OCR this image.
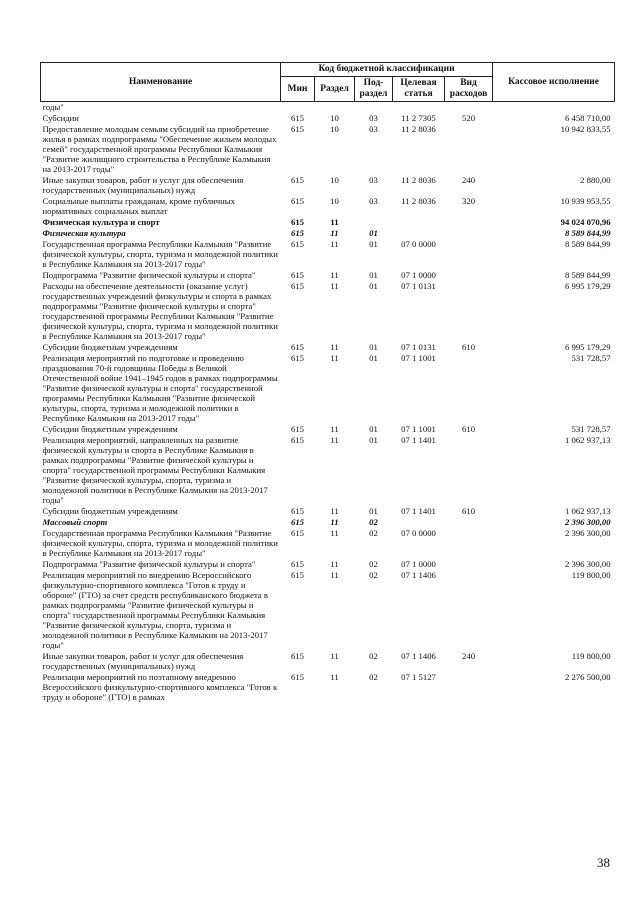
Наименование	Код бюджетной классификации					Кассовое исполнение
	Мин	Раздел	Под-раздел	Целевая статья	Вид расходов	
годы"						
Субсидии	615	10	03	11 2 7305	520	6 458 710,00
Предоставление молодым семьям субсидий на приобретение жилья в рамках подпрограммы "Обеспечение жильем молодых семей" государственной программы Республики Калмыкия "Развитие жилищного строительства в Республике Калмыкия на 2013-2017 годы"	615	10	03	11 2 8036		10 942 833,55
Иные закупки товаров, работ и услуг для обеспечения государственных (муниципальных) нужд	615	10	03	11 2 8036	240	2 880,00
Социальные выплаты гражданам, кроме публичных нормативных социальных выплат	615	10	03	11 2 8036	320	10 939 953,55
Физическая культура и спорт	615	11				94 024 070,96
Физическая культура	615	11	01			8 589 844,99
Государственная программа Республики Калмыкия "Развитие физической культуры, спорта, туризма и молодежной политики в Республике Калмыкия на 2013-2017 годы"	615	11	01	07 0 0000		8 589 844,99
Подпрограмма "Развитие физической культуры и спорта"	615	11	01	07 1 0000		8 589 844,99
Расходы на обеспечение деятельности (оказание услуг) государственных учреждений физкультуры и спорта в рамках подпрограммы "Развитие физической культуры и спорта" государственной программы Республики Калмыкия "Развитие физической культуры, спорта, туризма и молодежной политики в Республике Калмыкия на 2013-2017 годы"	615	11	01	07 1 0131		6 995 179,29
Субсидии бюджетным учреждениям	615	11	01	07 1 0131	610	6 995 179,29
Реализация мероприятий по подготовке и проведению празднования 70-й годовщины Победы в Великой Отечественной войне 1941–1945 годов в рамках подпрограммы "Развитие физической культуры и спорта" государственной программы Республики Калмыкия "Развитие физической культуры, спорта, туризма и молодежной политики в Республике Калмыкия на 2013-2017 годы"	615	11	01	07 1 1001		531 728,57
Субсидии бюджетным учреждениям	615	11	01	07 1 1001	610	531 728,57
Реализация мероприятий, направленных на развитие физической культуры и спорта в Республике Калмыкия в рамках подпрограммы "Развитие физической культуры и спорта" государственной программы Республики Калмыкия "Развитие физической культуры, спорта, туризма и молодежной политики в Республике Калмыкия на 2013-2017 годы"	615	11	01	07 1 1401		1 062 937,13
Субсидии бюджетным учреждениям	615	11	01	07 1 1401	610	1 062 937,13
Массовый спорт	615	11	02			2 396 300,00
Государственная программа Республики Калмыкия "Развитие физической культуры, спорта, туризма и молодежной политики в Республике Калмыкия на 2013-2017 годы"	615	11	02	07 0 0000		2 396 300,00
Подпрограмма "Развитие физической культуры и спорта"	615	11	02	07 1 0000		2 396 300,00
Реализация мероприятий по внедрению Всероссийского физкультурно-спортивного комплекса "Готов к труду и обороне" (ГТО) за счет средств республиканского бюджета в рамках подпрограммы "Развитие физической культуры и спорта" государственной программы Республики Калмыкия "Развитие физической культуры, спорта, туризма и молодежной политики в Республике Калмыкия на 2013-2017 годы"	615	11	02	07 1 1406		119 800,00
Иные закупки товаров, работ и услуг для обеспечения государственных (муниципальных) нужд	615	11	02	07 1 1406	240	119 800,00
Реализация мероприятий по поэтапному внедрению Всероссийского физкультурно-спортивного комплекса "Готов к труду и обороне" (ГТО) в рамках	615	11	02	07 1 5127		2 276 500,00
38
